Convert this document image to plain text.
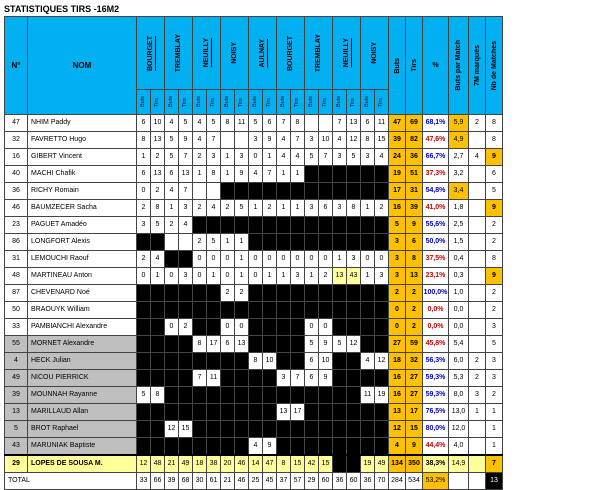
STATISTIQUES TIRS -16M2
N°	NOM	BOURGET		TREMBLAY		NEUILLY		NOISY		AULNAY		BOURGET		TREMBLAY		NEUILLY		NOISY		Buts	Tirs	%	Buts par Match	7M marqués	Nb de Matches

		Buts	Tirs	Buts	Tirs	Buts	Tirs	Buts	Tirs	Buts	Tirs	Buts	Tirs	Buts	Tirs	Buts	Tirs	Buts	Tirs						

47	NHIM Paddy	6	10	4	5	4	5	8	11	5	6	7	8			7	13	6	11	47	69	68,1%	5,9	2	8
32	FAVRETTO Hugo	8	13	5	9	4	7			3	9	4	7	3	10	4	12	8	15	39	82	47,6%	4,9		8
16	GIBERT Vincent	1	2	5	7	2	3	1	3	0	1	4	4	5	7	3	5	3	4	24	36	66,7%	2,7	4	9
40	MACHI Chafik	6	13	6	13	1	8	1	9	4	7	1	1							19	51	37,3%	3,2		6
36	RICHY Romain	0	2	4	7															17	31	54,8%	3,4		5
46	BAUMZECER Sacha	2	8	1	3	2	4	2	5	1	2	1	1	3	6	3	8	1	2	16	39	41,0%	1,8		9
23	PAGUET Amadéo	3	5	2	4															5	9	55,6%	2,5		2
86	LONGFORT Alexis					2	5	1	1											3	6	50,0%	1,5		2
31	LEMOUCHI Raouf	2	4			0	0	0	1	0	0	0	0	0	0	1	3	0	0	3	8	37,5%	0,4		8
48	MARTINEAU Anton	0	1	0	3	0	1	0	1	0	1	1	3	1	2	13	43	1	3	3	13	23,1%	0,3		9
87	CHEVENARD Noé							2	2											2	2	100,0%	1,0		2
50	BRAOUYK William																			0	2	0,0%	0,0		2
33	PAMBIANCHI Alexandre			0	2			0	0					0	0					0	2	0,0%	0,0		3
55	MORNET Alexandre					8	17	6	13					5	9	5	12			27	59	45,8%	5,4		5
4	HECK Julian									8	10			6	10			4	12	18	32	56,3%	6,0	2	3
49	NICOU PIERRICK					7	11					3	7	6	9					16	27	59,3%	5,3	2	3
39	MOUNNAH Rayanne	5	8															11	19	16	27	59,3%	8,0	3	2
13	MARILLAUD Allan											13	17							13	17	76,5%	13,0	1	1
5	BROT Raphael			12	15															12	15	80,0%	12,0		1
43	MARUNIAK Baptiste									4	9									4	9	44,4%	4,0		1
29	LOPES DE SOUSA M.	12	48	21	49	18	38	20	46	14	47	8	15	42	15	31		19	49	134	350	38,3%	14,9		7
TOTAL		33	66	39	68	30	61	21	46	25	45	37	57	29	60	36	60	36	70	284	534	53,2%			13
